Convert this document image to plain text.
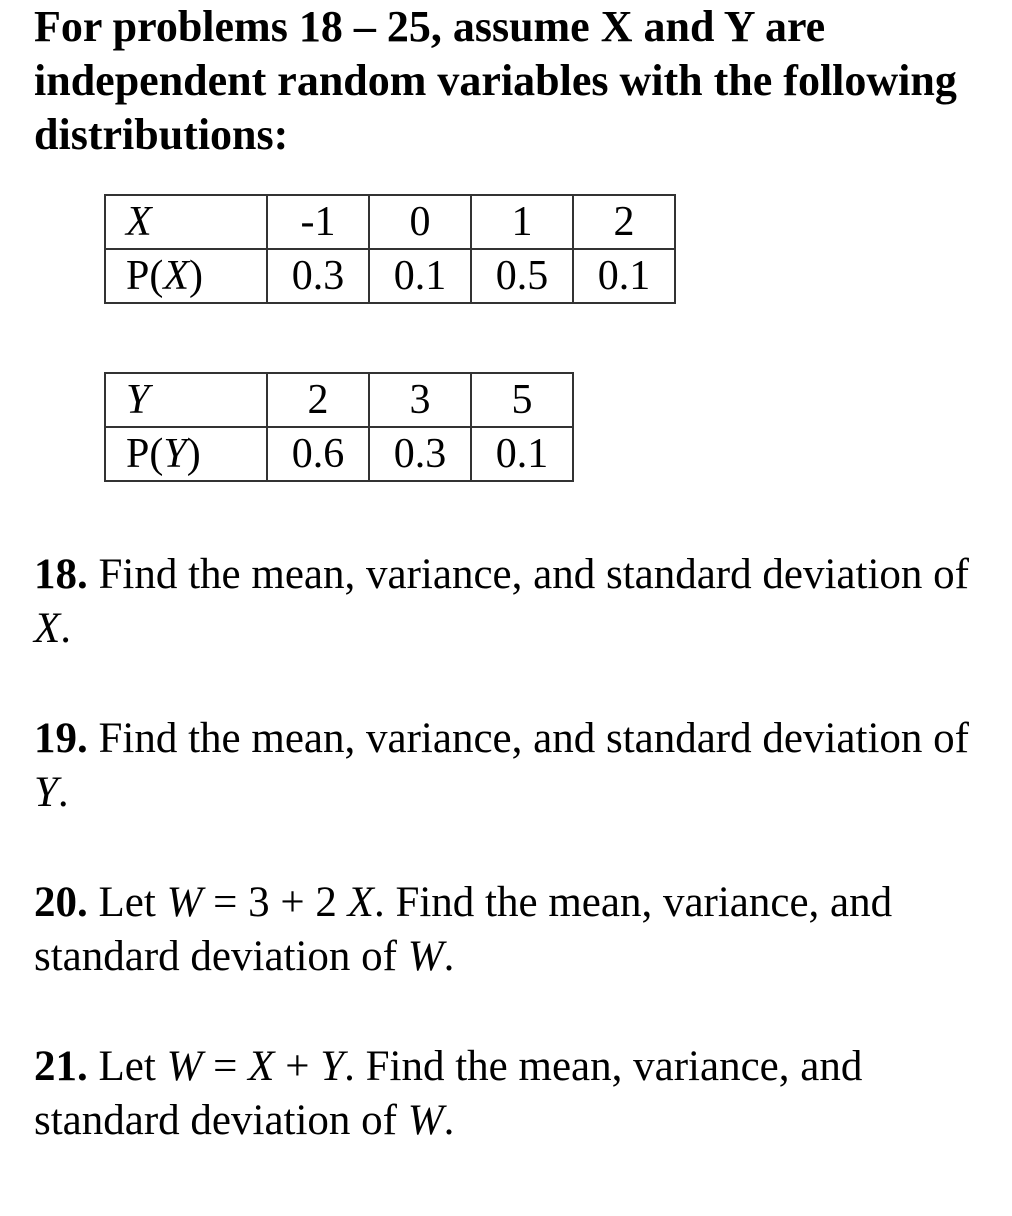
For problems 18 – 25, assume X and Y are independent random variables with the following distributions:

X	-1	0	1	2
P(X)	0.3	0.1	0.5	0.1
Y	2	3	5
P(Y)	0.6	0.3	0.1

18. Find the mean, variance, and standard deviation of X.

19. Find the mean, variance, and standard deviation of Y.

20. Let W = 3 + 2 X. Find the mean, variance, and standard deviation of W.

21. Let W = X + Y. Find the mean, variance, and standard deviation of W.
